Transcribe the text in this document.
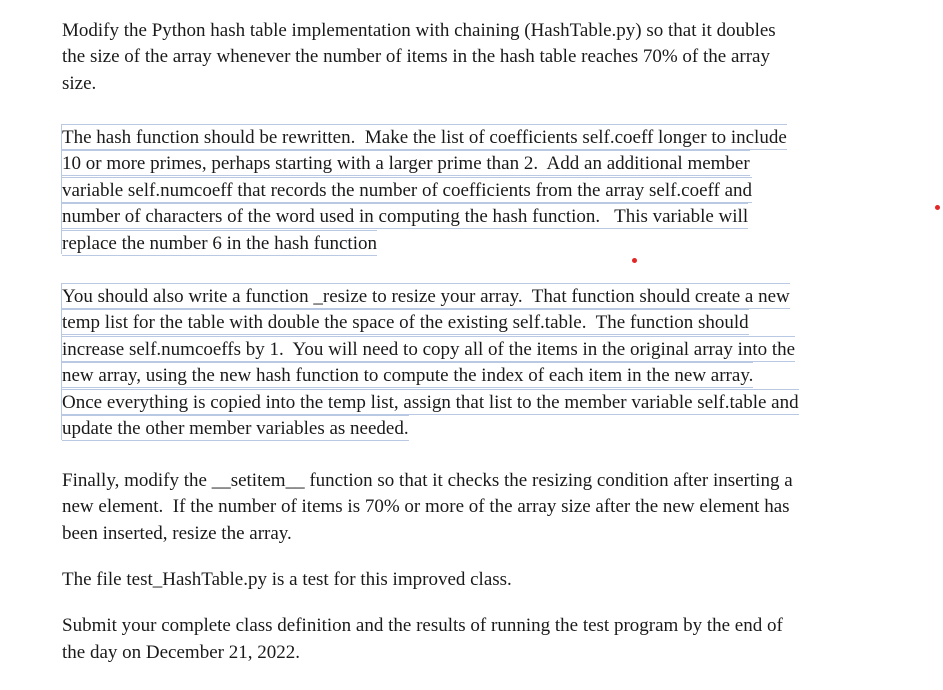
Modify the Python hash table implementation with chaining (HashTable.py) so that it doubles
the size of the array whenever the number of items in the hash table reaches 70% of the array
size.
The hash function should be rewritten.  Make the list of coefficients self.coeff longer to include
10 or more primes, perhaps starting with a larger prime than 2.  Add an additional member
variable self.numcoeff that records the number of coefficients from the array self.coeff and
number of characters of the word used in computing the hash function.   This variable will
replace the number 6 in the hash function
You should also write a function _resize to resize your array.  That function should create a new
temp list for the table with double the space of the existing self.table.  The function should
increase self.numcoeffs by 1.  You will need to copy all of the items in the original array into the
new array, using the new hash function to compute the index of each item in the new array.
Once everything is copied into the temp list, assign that list to the member variable self.table and
update the other member variables as needed.
Finally, modify the __setitem__ function so that it checks the resizing condition after inserting a
new element.  If the number of items is 70% or more of the array size after the new element has
been inserted, resize the array.
The file test_HashTable.py is a test for this improved class.
Submit your complete class definition and the results of running the test program by the end of
the day on December 21, 2022.
